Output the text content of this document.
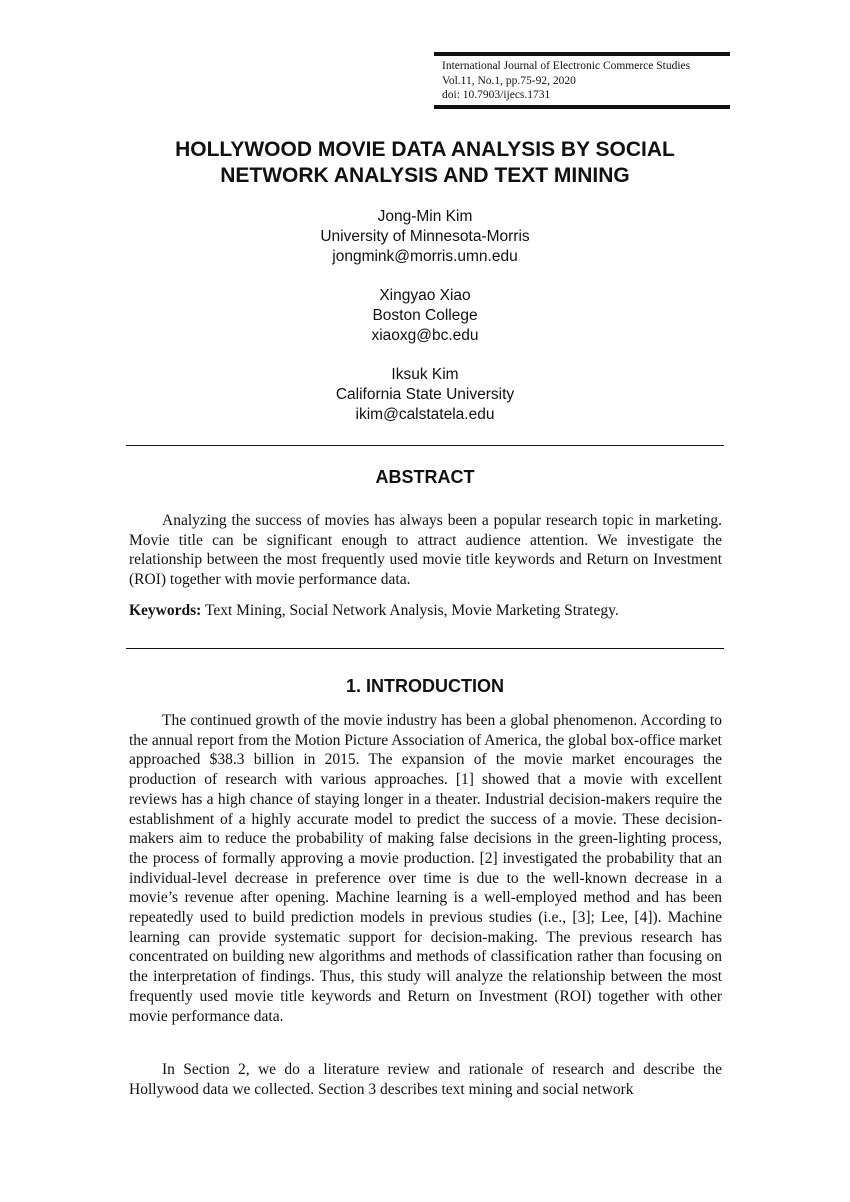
International Journal of Electronic Commerce Studies
Vol.11, No.1, pp.75-92, 2020
doi: 10.7903/ijecs.1731
HOLLYWOOD MOVIE DATA ANALYSIS BY SOCIAL
NETWORK ANALYSIS AND TEXT MINING
Jong-Min Kim
University of Minnesota-Morris
jongmink@morris.umn.edu
Xingyao Xiao
Boston College
xiaoxg@bc.edu
Iksuk Kim
California State University
ikim@calstatela.edu
ABSTRACT
Analyzing the success of movies has always been a popular research topic in marketing. Movie title can be significant enough to attract audience attention. We investigate the relationship between the most frequently used movie title keywords and Return on Investment (ROI) together with movie performance data.
Keywords: Text Mining, Social Network Analysis, Movie Marketing Strategy.
1. INTRODUCTION
The continued growth of the movie industry has been a global phenomenon. According to the annual report from the Motion Picture Association of America, the global box-office market approached $38.3 billion in 2015. The expansion of the movie market encourages the production of research with various approaches. [1] showed that a movie with excellent reviews has a high chance of staying longer in a theater. Industrial decision-makers require the establishment of a highly accurate model to predict the success of a movie. These decision-makers aim to reduce the probability of making false decisions in the green-lighting process, the process of formally approving a movie production. [2] investigated the probability that an individual-level decrease in preference over time is due to the well-known decrease in a movie’s revenue after opening. Machine learning is a well-employed method and has been repeatedly used to build prediction models in previous studies (i.e., [3]; Lee, [4]). Machine learning can provide systematic support for decision-making. The previous research has concentrated on building new algorithms and methods of classification rather than focusing on the interpretation of findings. Thus, this study will analyze the relationship between the most frequently used movie title keywords and Return on Investment (ROI) together with other movie performance data.
In Section 2, we do a literature review and rationale of research and describe the Hollywood data we collected. Section 3 describes text mining and social network
